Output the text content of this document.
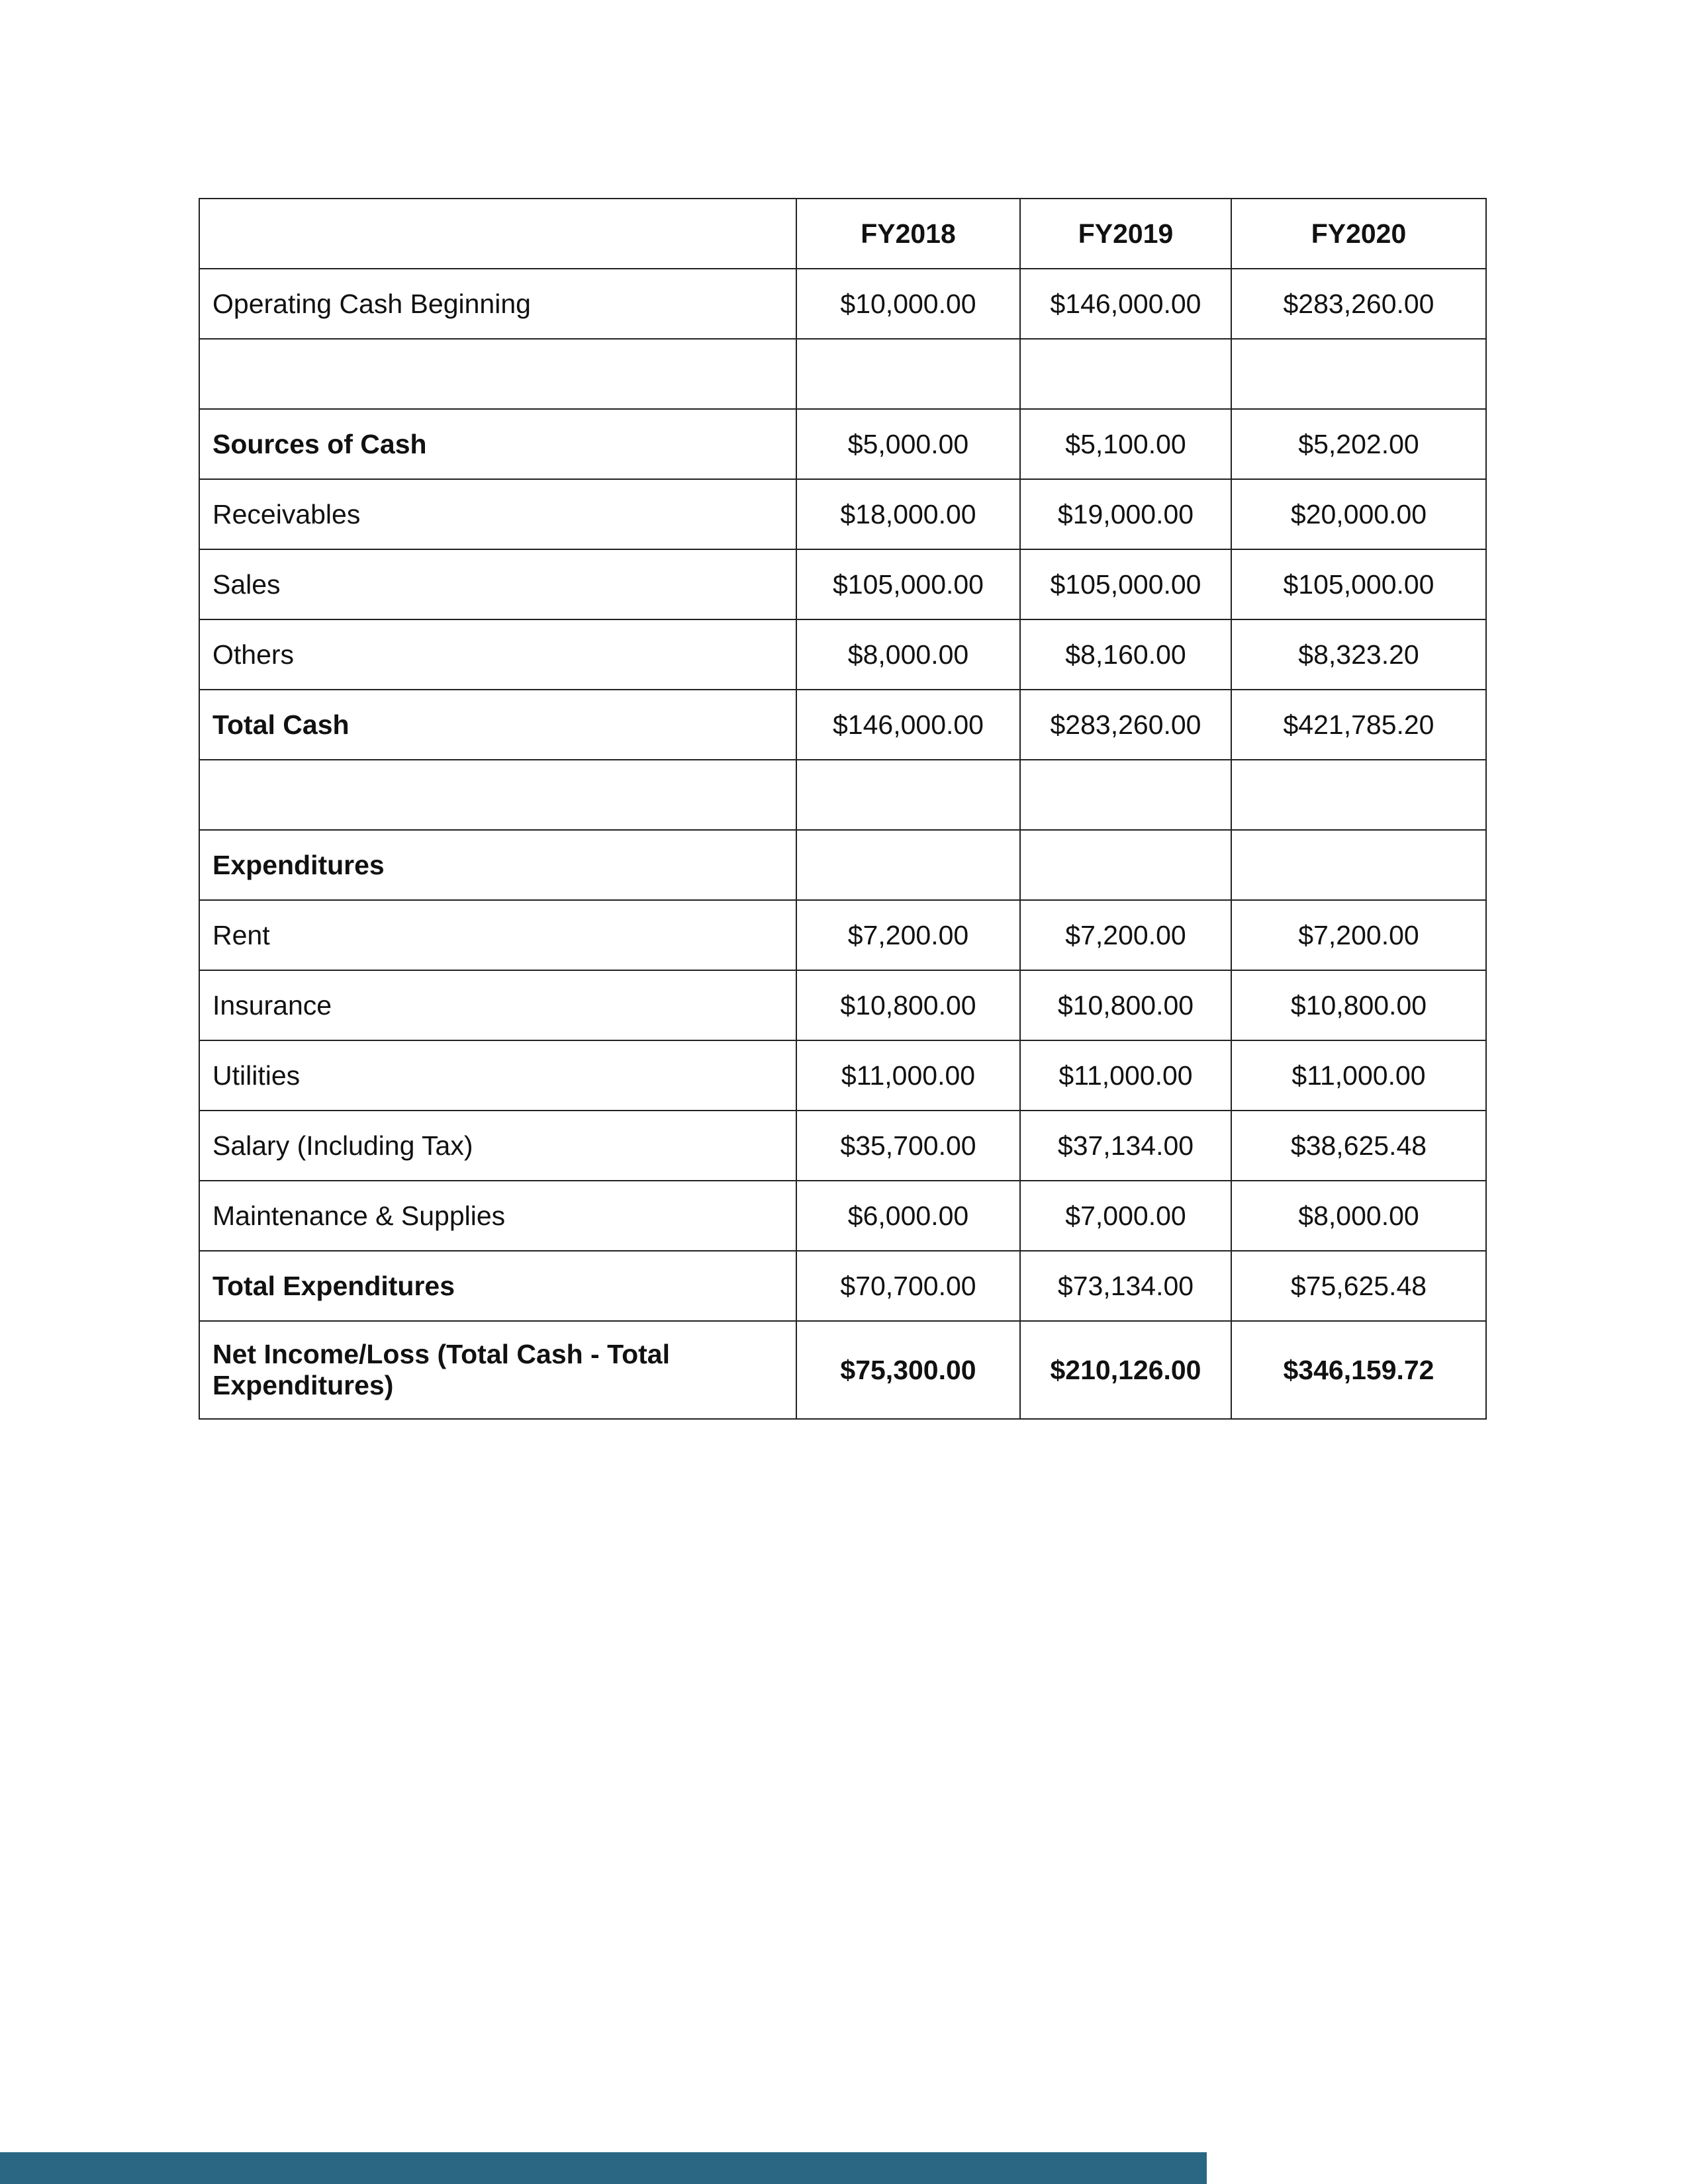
	FY2018	FY2019	FY2020
Operating Cash Beginning	$10,000.00	$146,000.00	$283,260.00

Sources of Cash	$5,000.00	$5,100.00	$5,202.00
Receivables	$18,000.00	$19,000.00	$20,000.00
Sales	$105,000.00	$105,000.00	$105,000.00
Others	$8,000.00	$8,160.00	$8,323.20
Total Cash	$146,000.00	$283,260.00	$421,785.20

Expenditures			
Rent	$7,200.00	$7,200.00	$7,200.00
Insurance	$10,800.00	$10,800.00	$10,800.00
Utilities	$11,000.00	$11,000.00	$11,000.00
Salary (Including Tax)	$35,700.00	$37,134.00	$38,625.48
Maintenance & Supplies	$6,000.00	$7,000.00	$8,000.00
Total Expenditures	$70,700.00	$73,134.00	$75,625.48
Net Income/Loss (Total Cash - Total Expenditures)	$75,300.00	$210,126.00	$346,159.72
